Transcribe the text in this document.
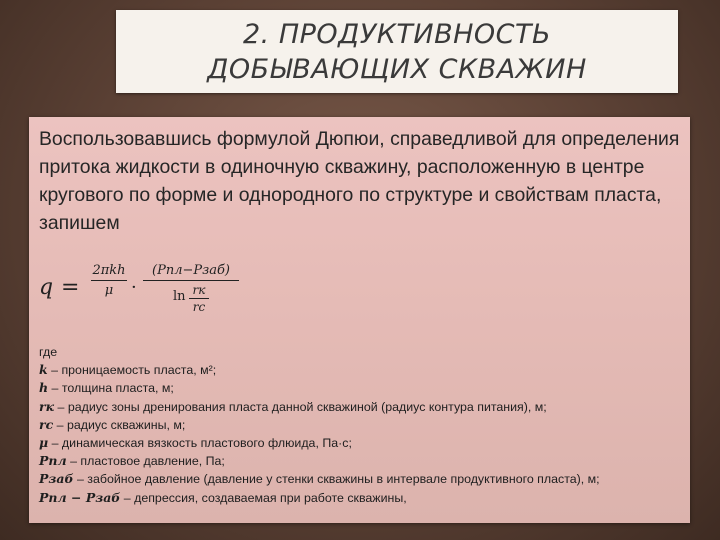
2. ПРОДУКТИВНОСТЬ
ДОБЫВАЮЩИХ СКВАЖИН
Воспользовавшись формулой Дюпюи, справедливой для определения притока жидкости в одиночную скважину, расположенную в центре кругового по форме и однородного по структуре и свойствам пласта, запишем
q =
2πkh
μ ·
(Pпл−Pзаб)
ln rк
rс
где
k – проницаемость пласта, м²;
h – толщина пласта, м;
rк – радиус зоны дренирования пласта данной скважиной (радиус контура питания), м;
rс – радиус скважины, м;
μ – динамическая вязкость пластового флюида, Па·с;
Pпл – пластовое давление, Па;
Pзаб – забойное давление (давление у стенки скважины в интервале продуктивного пласта), м;
Pпл − Pзаб – депрессия, создаваемая при работе скважины,
